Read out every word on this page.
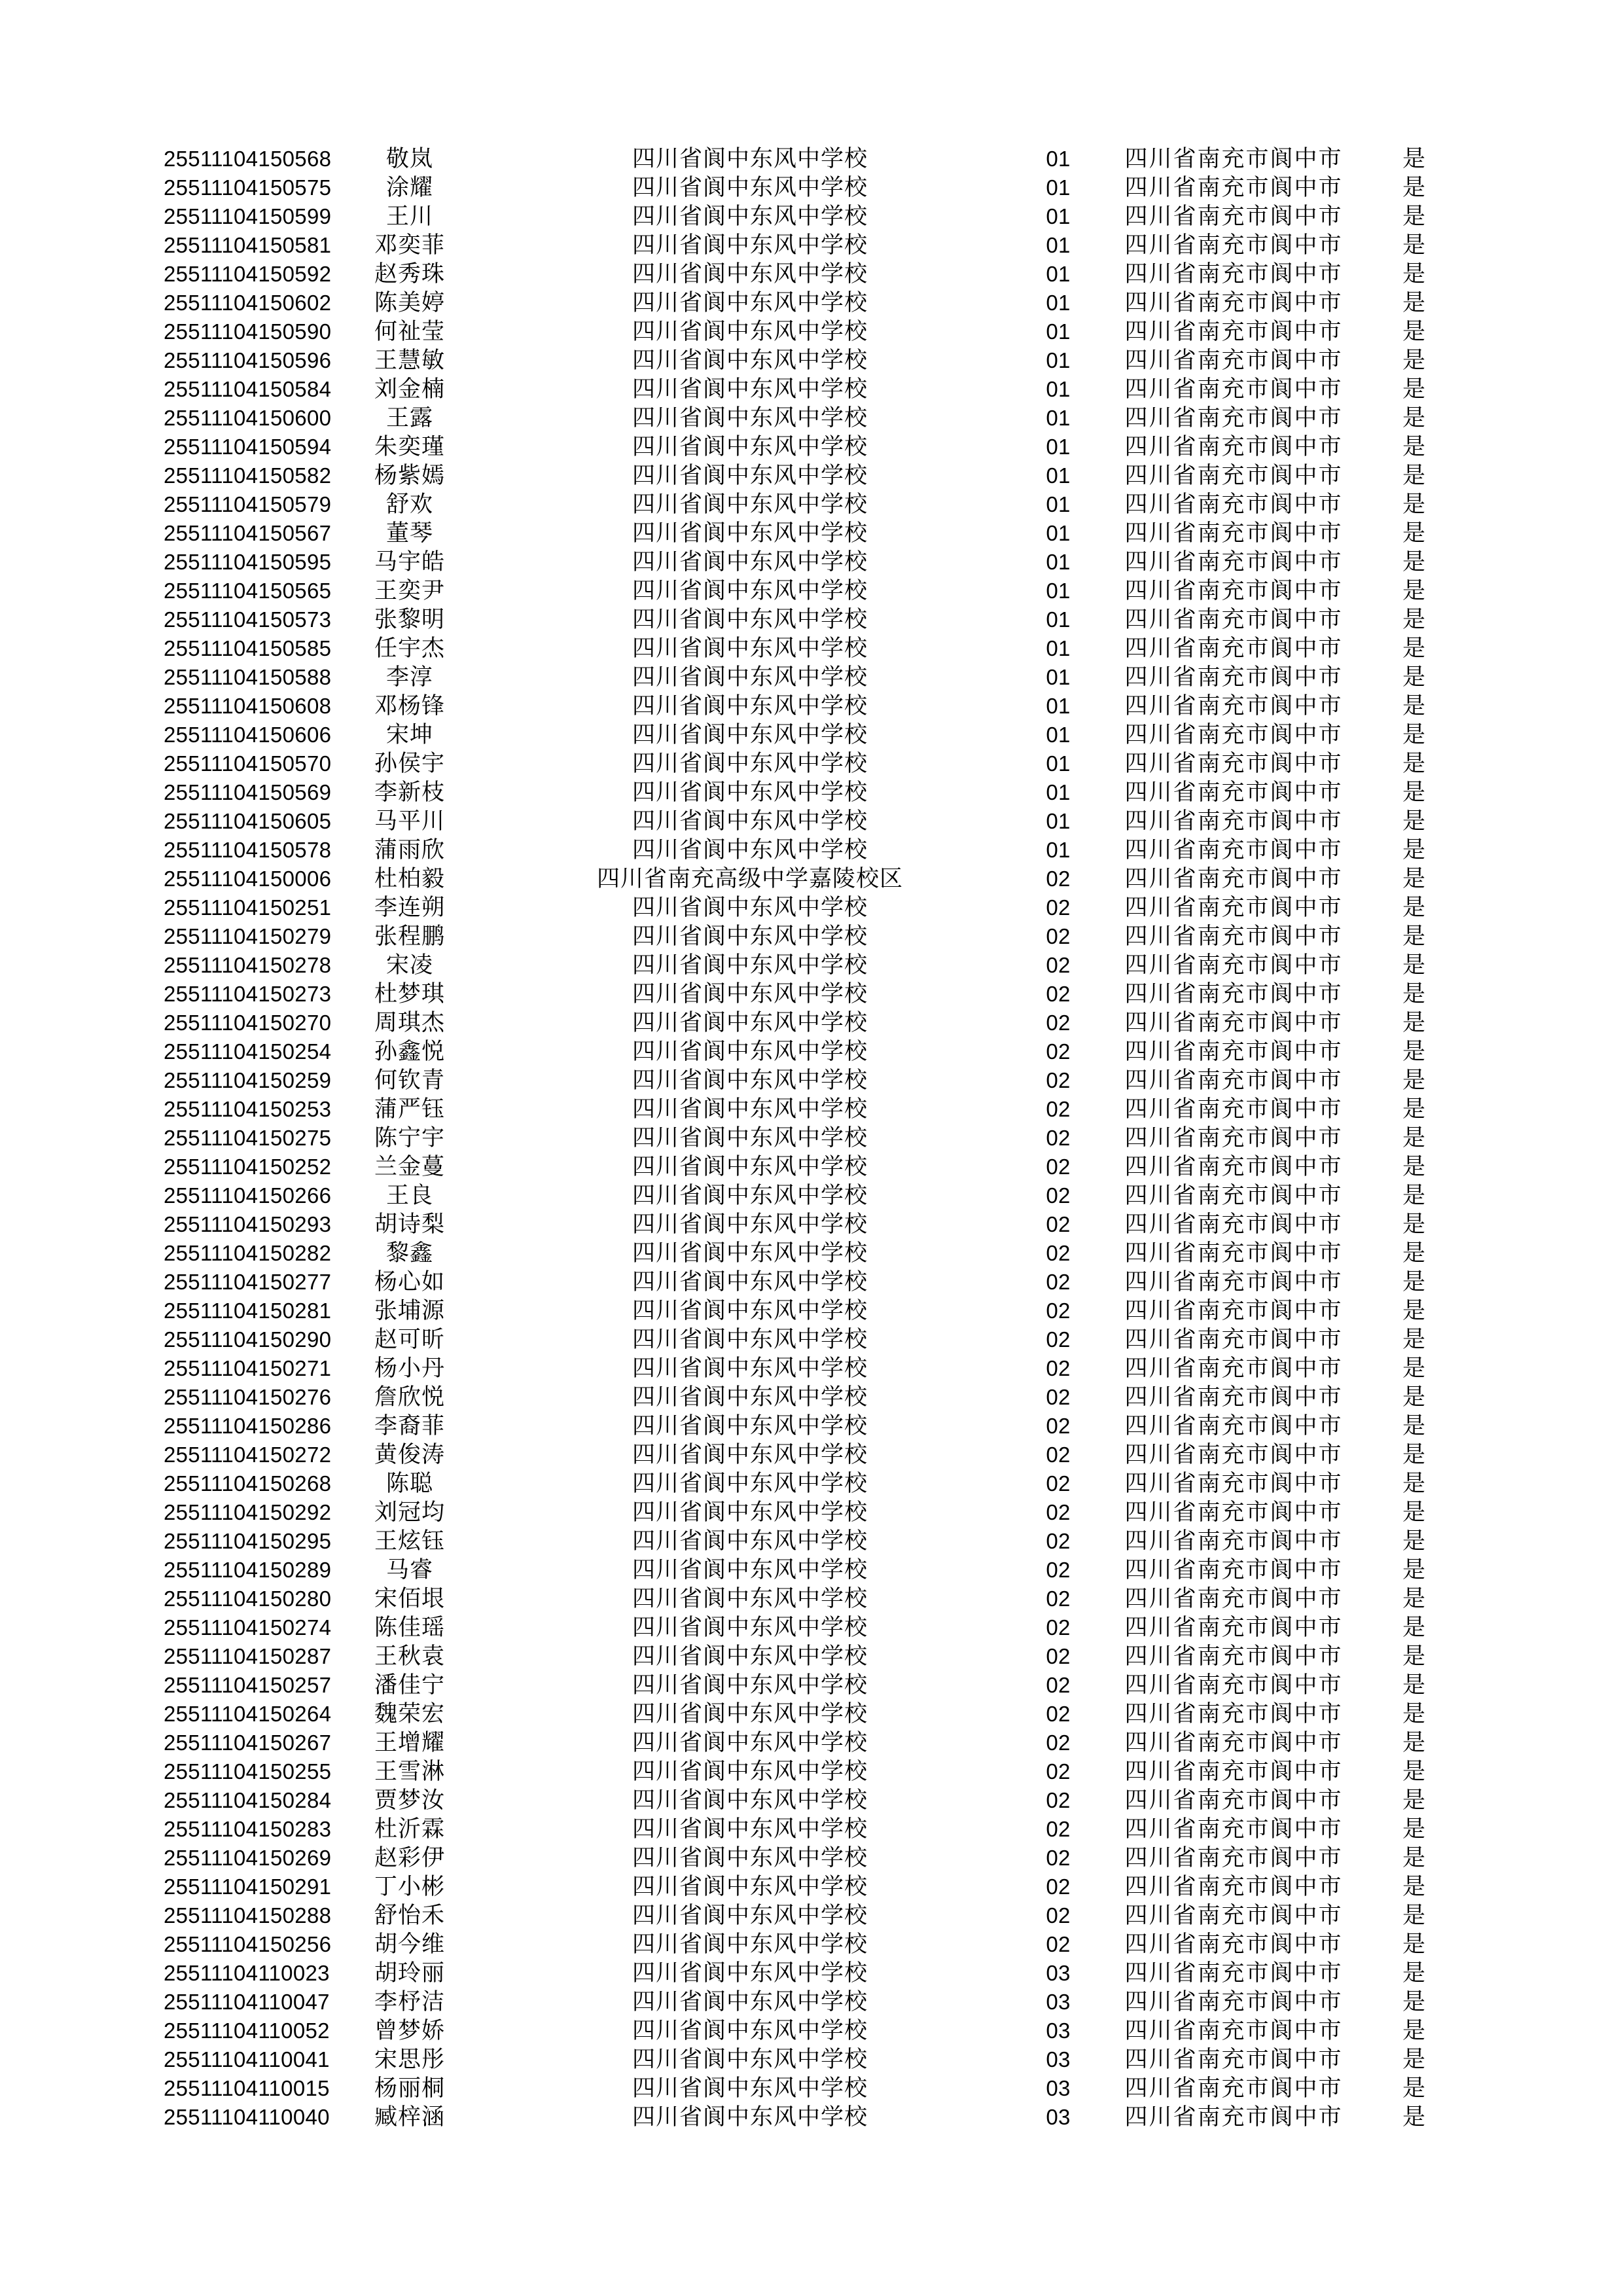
25511104150568 敬岚	四川省阆中东风中学校	01 四川省南充市阆中市	是
25511104150575 涂耀	四川省阆中东风中学校	01 四川省南充市阆中市	是
25511104150599 王川	四川省阆中东风中学校	01 四川省南充市阆中市	是
25511104150581 邓奕菲	四川省阆中东风中学校	01 四川省南充市阆中市	是
25511104150592 赵秀珠	四川省阆中东风中学校	01 四川省南充市阆中市	是
25511104150602 陈美婷	四川省阆中东风中学校	01 四川省南充市阆中市	是
25511104150590 何祉莹	四川省阆中东风中学校	01 四川省南充市阆中市	是
25511104150596 王慧敏	四川省阆中东风中学校	01 四川省南充市阆中市	是
25511104150584 刘金楠	四川省阆中东风中学校	01 四川省南充市阆中市	是
25511104150600 王露	四川省阆中东风中学校	01 四川省南充市阆中市	是
25511104150594 朱奕瑾	四川省阆中东风中学校	01 四川省南充市阆中市	是
25511104150582 杨紫嫣	四川省阆中东风中学校	01 四川省南充市阆中市	是
25511104150579 舒欢	四川省阆中东风中学校	01 四川省南充市阆中市	是
25511104150567 董琴	四川省阆中东风中学校	01 四川省南充市阆中市	是
25511104150595 马宇皓	四川省阆中东风中学校	01 四川省南充市阆中市	是
25511104150565 王奕尹	四川省阆中东风中学校	01 四川省南充市阆中市	是
25511104150573 张黎明	四川省阆中东风中学校	01 四川省南充市阆中市	是
25511104150585 任宇杰	四川省阆中东风中学校	01 四川省南充市阆中市	是
25511104150588 李淳	四川省阆中东风中学校	01 四川省南充市阆中市	是
25511104150608 邓杨锋	四川省阆中东风中学校	01 四川省南充市阆中市	是
25511104150606 宋坤	四川省阆中东风中学校	01 四川省南充市阆中市	是
25511104150570 孙侯宇	四川省阆中东风中学校	01 四川省南充市阆中市	是
25511104150569 李新枝	四川省阆中东风中学校	01 四川省南充市阆中市	是
25511104150605 马平川	四川省阆中东风中学校	01 四川省南充市阆中市	是
25511104150578 蒲雨欣	四川省阆中东风中学校	01 四川省南充市阆中市	是
25511104150006 杜柏毅	四川省南充高级中学嘉陵校区	02 四川省南充市阆中市	是
25511104150251 李连朔	四川省阆中东风中学校	02 四川省南充市阆中市	是
25511104150279 张程鹏	四川省阆中东风中学校	02 四川省南充市阆中市	是
25511104150278 宋凌	四川省阆中东风中学校	02 四川省南充市阆中市	是
25511104150273 杜梦琪	四川省阆中东风中学校	02 四川省南充市阆中市	是
25511104150270 周琪杰	四川省阆中东风中学校	02 四川省南充市阆中市	是
25511104150254 孙鑫悦	四川省阆中东风中学校	02 四川省南充市阆中市	是
25511104150259 何钦青	四川省阆中东风中学校	02 四川省南充市阆中市	是
25511104150253 蒲严钰	四川省阆中东风中学校	02 四川省南充市阆中市	是
25511104150275 陈宁宇	四川省阆中东风中学校	02 四川省南充市阆中市	是
25511104150252 兰金蔓	四川省阆中东风中学校	02 四川省南充市阆中市	是
25511104150266 王良	四川省阆中东风中学校	02 四川省南充市阆中市	是
25511104150293 胡诗梨	四川省阆中东风中学校	02 四川省南充市阆中市	是
25511104150282 黎鑫	四川省阆中东风中学校	02 四川省南充市阆中市	是
25511104150277 杨心如	四川省阆中东风中学校	02 四川省南充市阆中市	是
25511104150281 张埔源	四川省阆中东风中学校	02 四川省南充市阆中市	是
25511104150290 赵可昕	四川省阆中东风中学校	02 四川省南充市阆中市	是
25511104150271 杨小丹	四川省阆中东风中学校	02 四川省南充市阆中市	是
25511104150276 詹欣悦	四川省阆中东风中学校	02 四川省南充市阆中市	是
25511104150286 李裔菲	四川省阆中东风中学校	02 四川省南充市阆中市	是
25511104150272 黄俊涛	四川省阆中东风中学校	02 四川省南充市阆中市	是
25511104150268 陈聪	四川省阆中东风中学校	02 四川省南充市阆中市	是
25511104150292 刘冠均	四川省阆中东风中学校	02 四川省南充市阆中市	是
25511104150295 王炫钰	四川省阆中东风中学校	02 四川省南充市阆中市	是
25511104150289 马睿	四川省阆中东风中学校	02 四川省南充市阆中市	是
25511104150280 宋佰垠	四川省阆中东风中学校	02 四川省南充市阆中市	是
25511104150274 陈佳瑶	四川省阆中东风中学校	02 四川省南充市阆中市	是
25511104150287 王秋袁	四川省阆中东风中学校	02 四川省南充市阆中市	是
25511104150257 潘佳宁	四川省阆中东风中学校	02 四川省南充市阆中市	是
25511104150264 魏荣宏	四川省阆中东风中学校	02 四川省南充市阆中市	是
25511104150267 王增耀	四川省阆中东风中学校	02 四川省南充市阆中市	是
25511104150255 王雪淋	四川省阆中东风中学校	02 四川省南充市阆中市	是
25511104150284 贾梦汝	四川省阆中东风中学校	02 四川省南充市阆中市	是
25511104150283 杜沂霖	四川省阆中东风中学校	02 四川省南充市阆中市	是
25511104150269 赵彩伊	四川省阆中东风中学校	02 四川省南充市阆中市	是
25511104150291 丁小彬	四川省阆中东风中学校	02 四川省南充市阆中市	是
25511104150288 舒怡禾	四川省阆中东风中学校	02 四川省南充市阆中市	是
25511104150256 胡今维	四川省阆中东风中学校	02 四川省南充市阆中市	是
25511104110023 胡玲丽	四川省阆中东风中学校	03 四川省南充市阆中市	是
25511104110047 李杼洁	四川省阆中东风中学校	03 四川省南充市阆中市	是
25511104110052 曾梦娇	四川省阆中东风中学校	03 四川省南充市阆中市	是
25511104110041 宋思彤	四川省阆中东风中学校	03 四川省南充市阆中市	是
25511104110015 杨丽桐	四川省阆中东风中学校	03 四川省南充市阆中市	是
25511104110040 臧梓涵	四川省阆中东风中学校	03 四川省南充市阆中市	是
